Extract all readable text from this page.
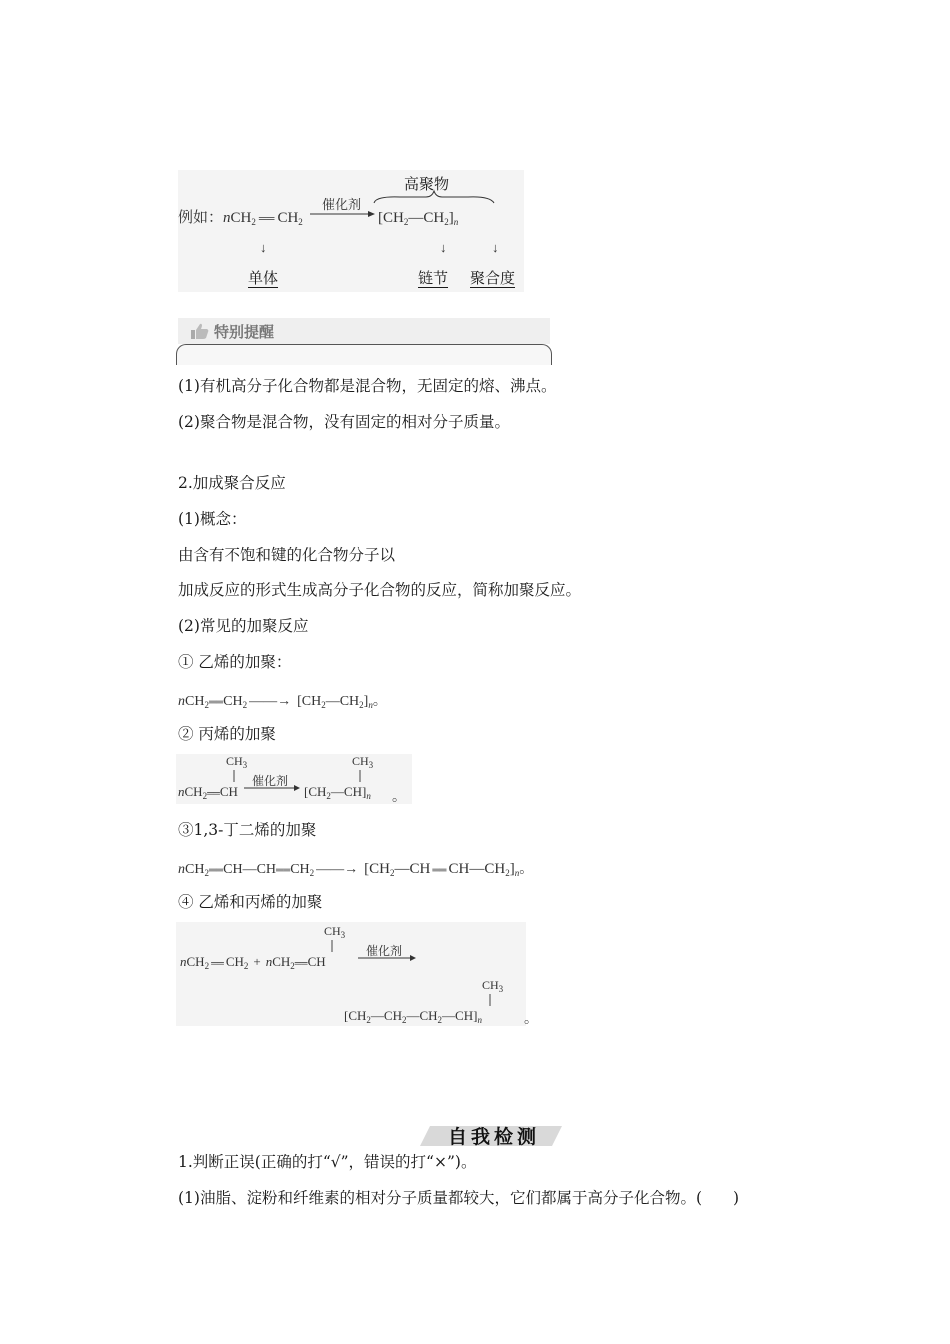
例如：nCH$_2$ ══ $CH_2$
催化剂
高聚物
$[CH_2—CH_2]_n$
↓	↓	↓
单体	链节 聚合度
特别提醒
(1)有机高分子化合物都是混合物，无固定的熔、沸点。
(2)聚合物是混合物，没有固定的相对分子质量。
2.加成聚合反应
(1)概念：
由含有不饱和键的化合物分子以
加成反应的形式生成高分子化合物的反应，简称加聚反应。
(2)常见的加聚反应
① 乙烯的加聚：
$nCH_2══CH_2$ ——→ $[CH_2—CH_2]_n$。
② 丙烯的加聚
$CH_3$	$CH_3$
催化剂
nCH$_2$══CH	$[CH_2—CH]_n$ 。
③1,3-丁二烯的加聚
$nCH_2══CH—CH══CH_2$ ——→ [$CH_2—CH$ ══ $CH—CH_2]_n$。
④ 乙烯和丙烯的加聚
$CH_3$
催化剂
nCH$_2$ ══ $CH_2$ + nCH$_2$══CH
$CH_3$
$[CH_2—CH_2—CH_2—CH]_n$	。
自我检测
1.判断正误(正确的打“√”，错误的打“×”)。
(1)油脂、淀粉和纤维素的相对分子质量都较大，它们都属于高分子化合物。(　　)
